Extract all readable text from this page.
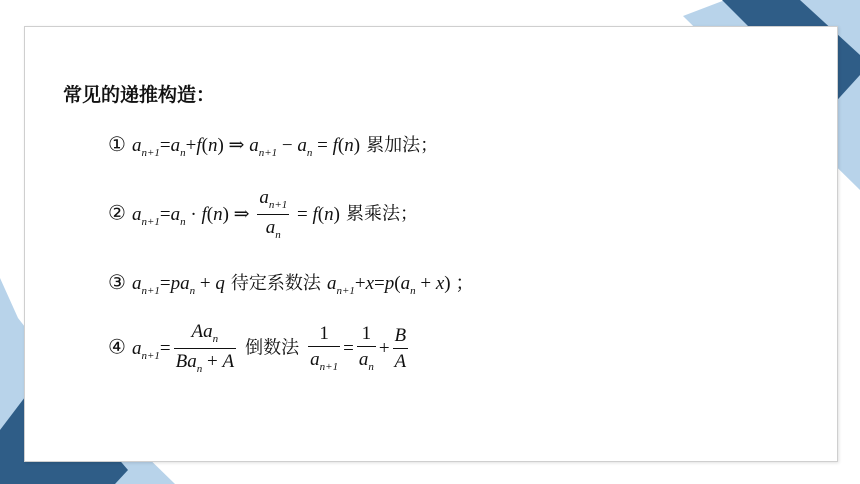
常见的递推构造：
① $a_{n+1}=a_n+f(n)$ ⇒ $a_{n+1} - a_n = f(n)$ 累加法；
② $a_{n+1}=a_n \cdot f(n)$ ⇒ $\frac{a_{n+1}}{a_n} = f(n)$ 累乘法；
③ $a_{n+1}=pa_n + q$ 待定系数法 $a_{n+1}+x=p(a_n + x)$ ；
④ $a_{n+1}= \frac{Aa_n}{Ba_n + A}$ 倒数法 $\frac{1}{a_{n+1}} = \frac{1}{a_n} + \frac{B}{A}$
